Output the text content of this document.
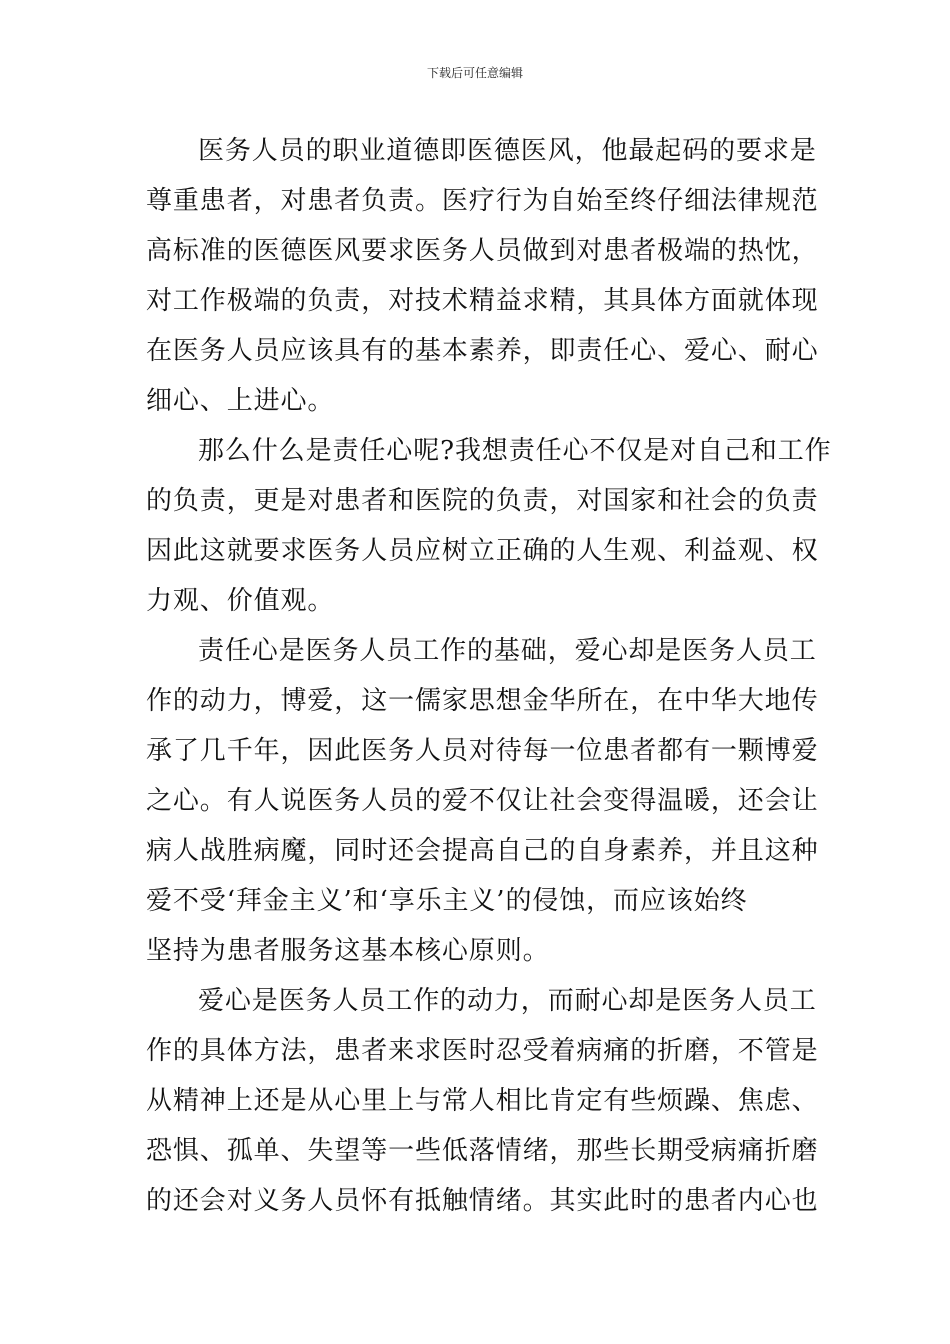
下载后可任意编辑
医务人员的职业道德即医德医风，他最起码的要求是
尊重患者，对患者负责。医疗行为自始至终仔细法律规范
高标准的医德医风要求医务人员做到对患者极端的热忱，
对工作极端的负责，对技术精益求精，其具体方面就体现
在医务人员应该具有的基本素养，即责任心、爱心、耐心
细心、上进心。
那么什么是责任心呢?我想责任心不仅是对自己和工作
的负责，更是对患者和医院的负责，对国家和社会的负责
因此这就要求医务人员应树立正确的人生观、利益观、权
力观、价值观。
责任心是医务人员工作的基础，爱心却是医务人员工
作的动力，博爱，这一儒家思想金华所在，在中华大地传
承了几千年，因此医务人员对待每一位患者都有一颗博爱
之心。有人说医务人员的爱不仅让社会变得温暖，还会让
病人战胜病魔，同时还会提高自己的自身素养，并且这种
爱不受‘拜金主义’和‘享乐主义’的侵蚀，而应该始终
坚持为患者服务这基本核心原则。
爱心是医务人员工作的动力，而耐心却是医务人员工
作的具体方法，患者来求医时忍受着病痛的折磨，不管是
从精神上还是从心里上与常人相比肯定有些烦躁、焦虑、
恐惧、孤单、失望等一些低落情绪，那些长期受病痛折磨
的还会对义务人员怀有抵触情绪。其实此时的患者内心也
